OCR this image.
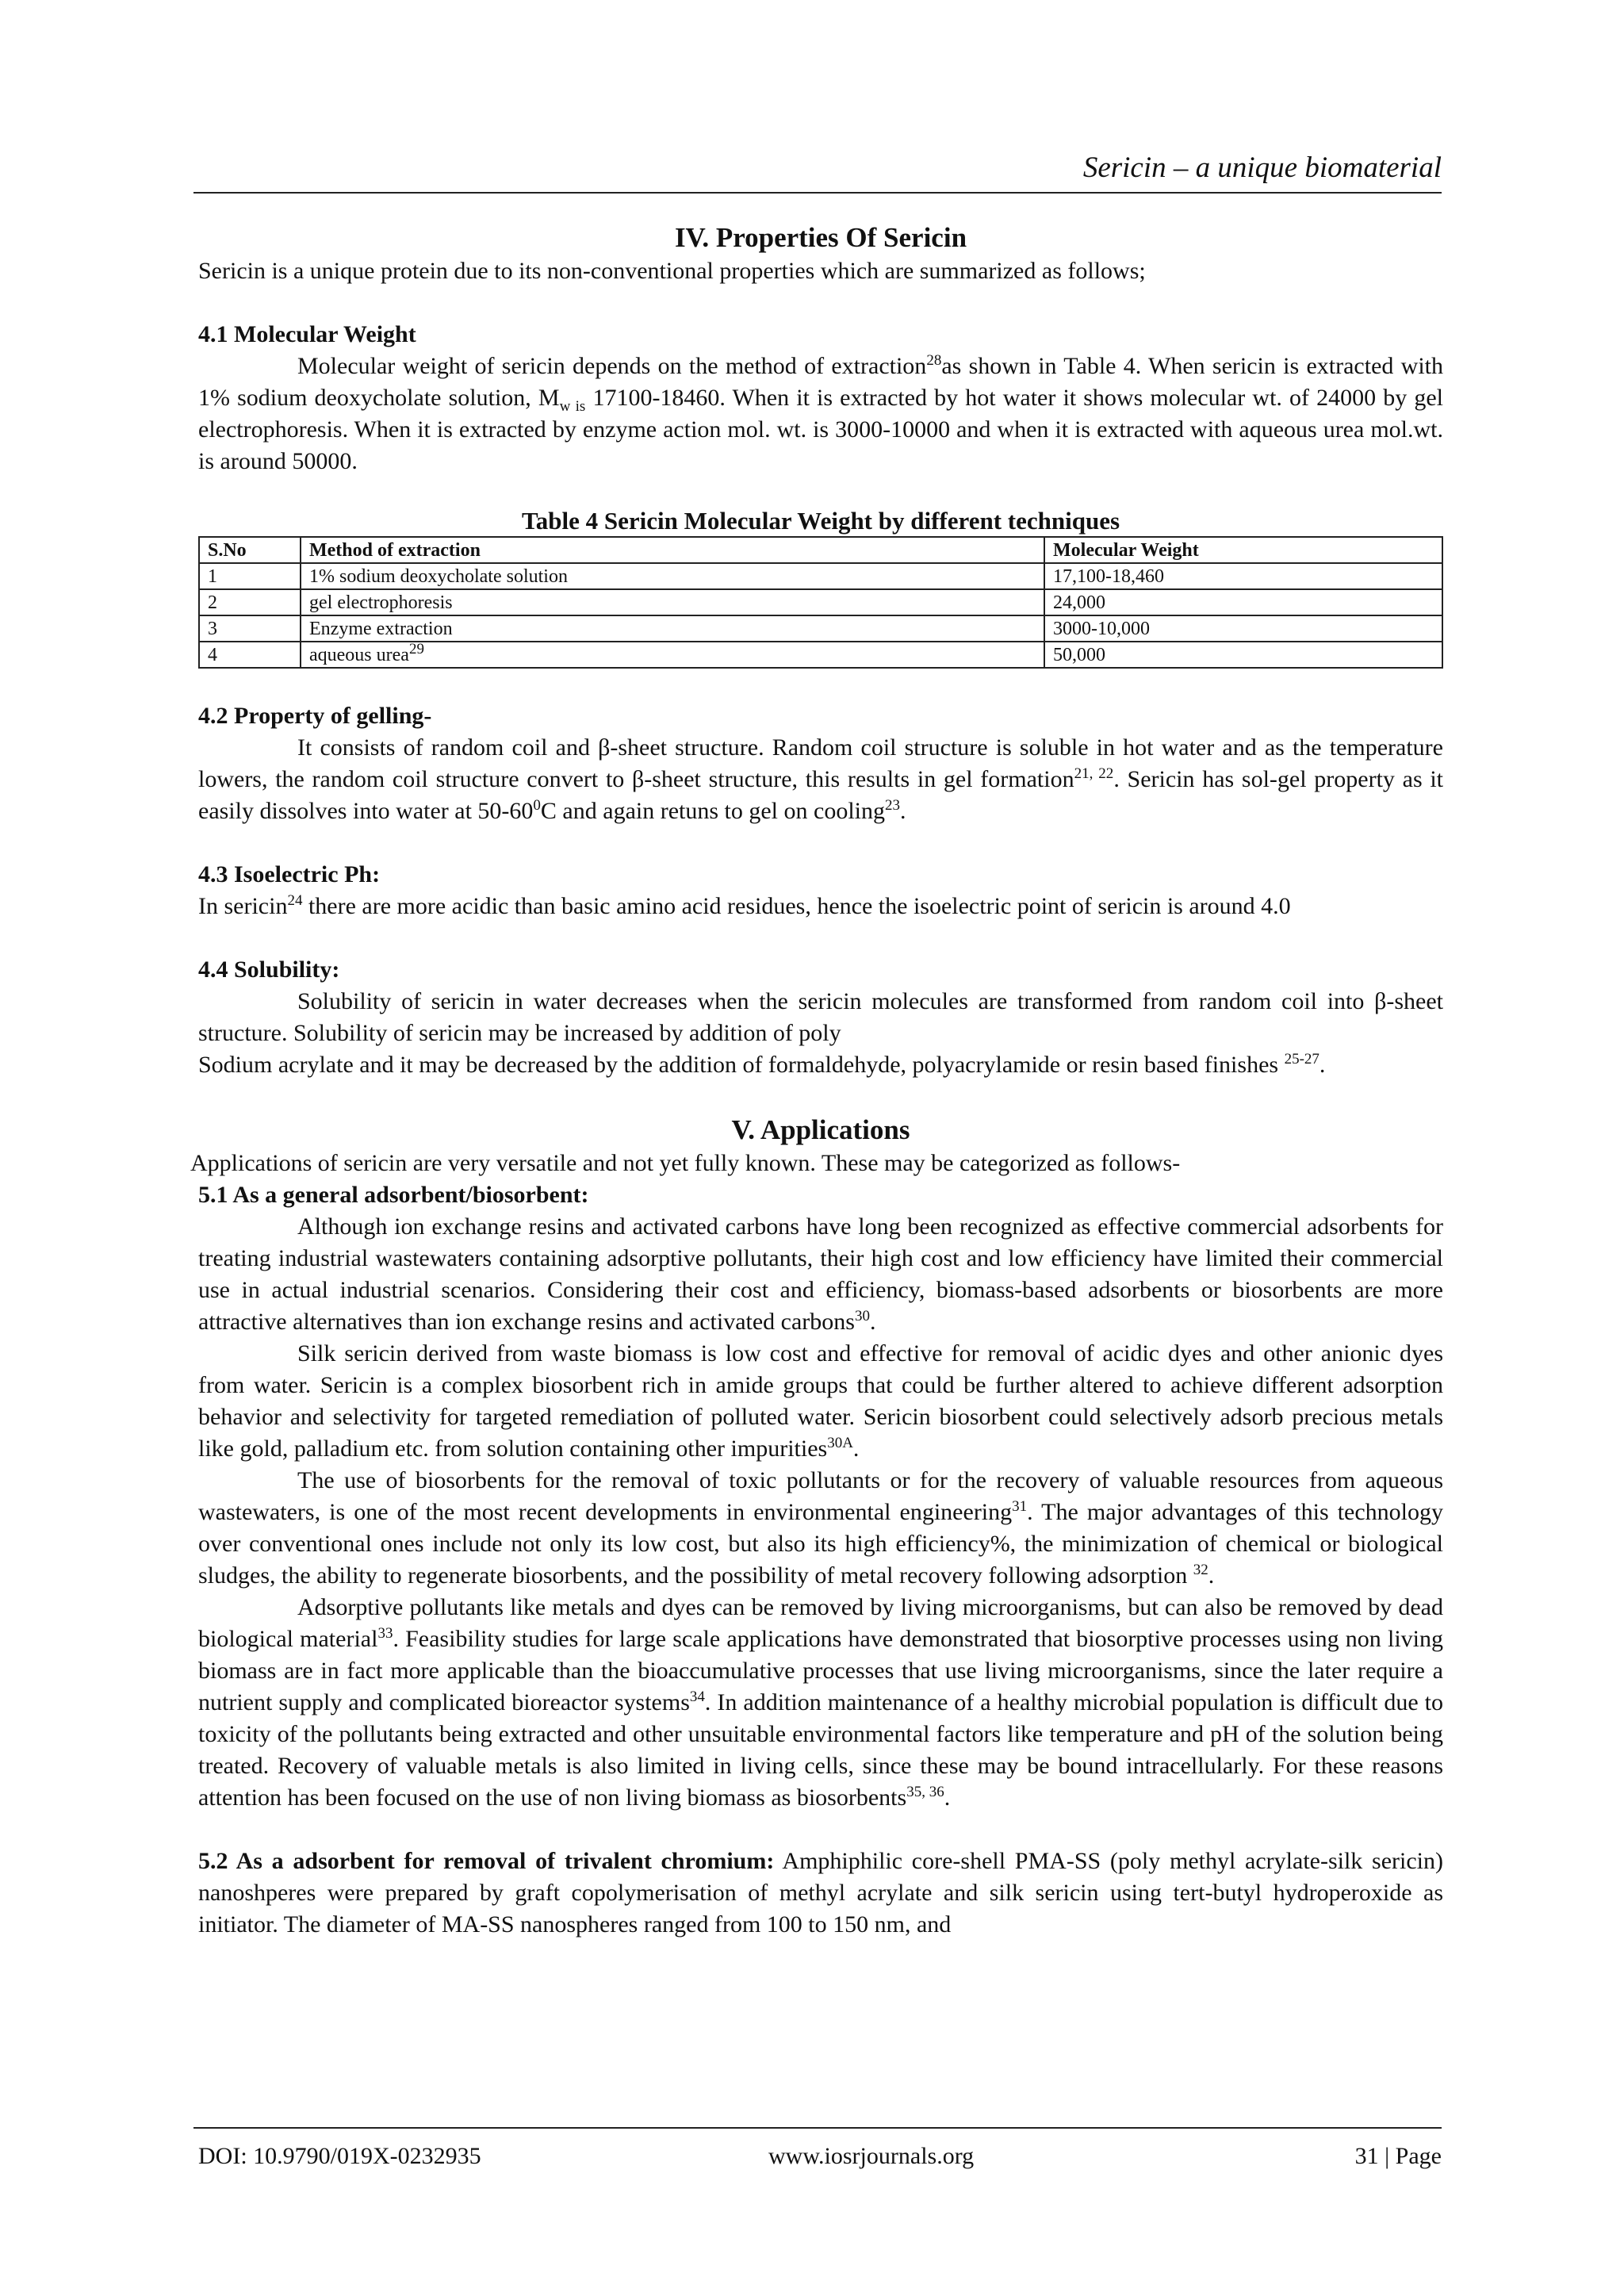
Sericin – a unique biomaterial
IV. Properties Of Sericin

Sericin is a unique protein due to its non-conventional properties which are summarized as follows;

4.1 Molecular Weight

Molecular weight of sericin depends on the method of extraction$^{28}$as shown in Table 4. When sericin is extracted with 1% sodium deoxycholate solution, $M_{w is}$ 17100-18460. When it is extracted by hot water it shows molecular wt. of 24000 by gel electrophoresis. When it is extracted by enzyme action mol. wt. is 3000-10000 and when it is extracted with aqueous urea mol.wt. is around 50000.

Table 4 Sericin Molecular Weight by different techniques
S.No	Method of extraction	Molecular Weight
1	1% sodium deoxycholate solution	17,100-18,460
2	gel electrophoresis	24,000
3	Enzyme extraction	3000-10,000
4	aqueous urea$^{29}$	50,000

4.2 Property of gelling-

It consists of random coil and β-sheet structure. Random coil structure is soluble in hot water and as the temperature lowers, the random coil structure convert to β-sheet structure, this results in gel formation$^{21, 22}$. Sericin has sol-gel property as it easily dissolves into water at $50-60^0C$ and again retuns to gel on cooling$^{23}$.

4.3 Isoelectric Ph:

In sericin$^{24}$ there are more acidic than basic amino acid residues, hence the isoelectric point of sericin is around 4.0

4.4 Solubility:

Solubility of sericin in water decreases when the sericin molecules are transformed from random coil into β-sheet structure. Solubility of sericin may be increased by addition of poly

Sodium acrylate and it may be decreased by the addition of formaldehyde, polyacrylamide or resin based finishes $^{25-27}$.

V. Applications

Applications of sericin are very versatile and not yet fully known. These may be categorized as follows-

5.1 As a general adsorbent/biosorbent:

Although ion exchange resins and activated carbons have long been recognized as effective commercial adsorbents for treating industrial wastewaters containing adsorptive pollutants, their high cost and low efficiency have limited their commercial use in actual industrial scenarios. Considering their cost and efficiency, biomass-based adsorbents or biosorbents are more attractive alternatives than ion exchange resins and activated carbons$^{30}$.

Silk sericin derived from waste biomass is low cost and effective for removal of acidic dyes and other anionic dyes from water. Sericin is a complex biosorbent rich in amide groups that could be further altered to achieve different adsorption behavior and selectivity for targeted remediation of polluted water. Sericin biosorbent could selectively adsorb precious metals like gold, palladium etc. from solution containing other impurities$^{30A}$.

The use of biosorbents for the removal of toxic pollutants or for the recovery of valuable resources from aqueous wastewaters, is one of the most recent developments in environmental engineering$^{31}$. The major advantages of this technology over conventional ones include not only its low cost, but also its high efficiency%, the minimization of chemical or biological sludges, the ability to regenerate biosorbents, and the possibility of metal recovery following adsorption $^{32}$.

Adsorptive pollutants like metals and dyes can be removed by living microorganisms, but can also be removed by dead biological material$^{33}$. Feasibility studies for large scale applications have demonstrated that biosorptive processes using non living biomass are in fact more applicable than the bioaccumulative processes that use living microorganisms, since the later require a nutrient supply and complicated bioreactor systems$^{34}$. In addition maintenance of a healthy microbial population is difficult due to toxicity of the pollutants being extracted and other unsuitable environmental factors like temperature and pH of the solution being treated. Recovery of valuable metals is also limited in living cells, since these may be bound intracellularly. For these reasons attention has been focused on the use of non living biomass as biosorbents$^{35, 36}$.

5.2 As a adsorbent for removal of trivalent chromium: Amphiphilic core-shell PMA-SS (poly methyl acrylate-silk sericin) nanoshperes were prepared by graft copolymerisation of methyl acrylate and silk sericin using tert-butyl hydroperoxide as initiator. The diameter of MA-SS nanospheres ranged from 100 to 150 nm, and

DOI: 10.9790/019X-0232935	www.iosrjournals.org	31 | Page
